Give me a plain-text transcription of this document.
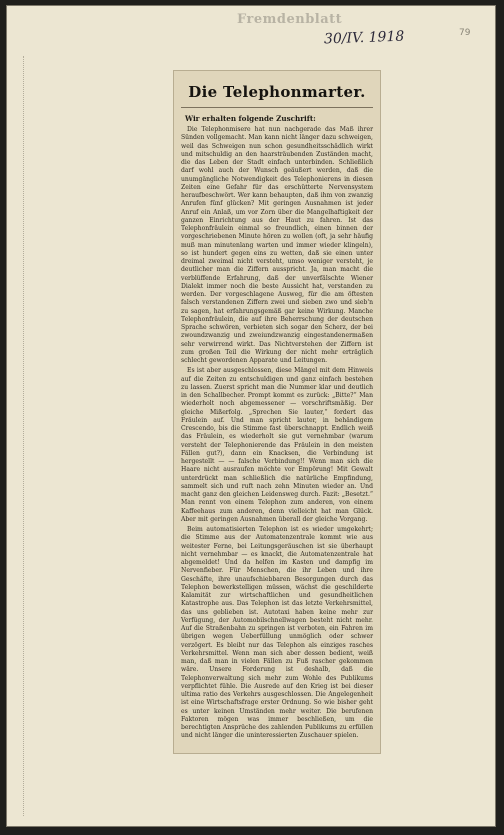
Fremdenblatt
30/IV. 1918	79
Die Telephonmarter.
Wir erhalten folgende Zuschrift:

Die Telephonmisere hat nun nachgerade das Maß ihrer Sünden vollgemacht. Man kann nicht länger dazu schweigen, weil das Schweigen nun schon gesundheitsschädlich wirkt und mitschuldig an den haarsträubenden Zuständen macht, die das Leben der Stadt einfach unterbinden. Schließlich darf wohl auch der Wunsch geäußert werden, daß die unumgängliche Notwendigkeit des Telephonierens in diesen Zeiten eine Gefahr für das erschütterte Nervensystem heraufbeschwört. Wer kann behaupten, daß ihm von zwanzig Anrufen fünf glücken? Mit geringen Ausnahmen ist jeder Anruf ein Anlaß, um vor Zorn über die Mangelhaftigkeit der ganzen Einrichtung aus der Haut zu fahren. Ist das Telephonfräulein einmal so freundlich, einen binnen der vorgeschriebenen Minute hören zu wollen (oft, ja sehr häufig muß man minutenlang warten und immer wieder klingeln), so ist hundert gegen eins zu wetten, daß sie einen unter dreimal zweimal nicht versteht, umso weniger versteht, je deutlicher man die Ziffern ausspricht. Ja, man macht die verblüffende Erfahrung, daß der unverfälschte Wiener Dialekt immer noch die beste Aussicht hat, verstanden zu werden. Der vorgeschlagene Ausweg, für die am öftesten falsch verstandenen Ziffern zwei und sieben zwo und sieb'n zu sagen, hat erfahrungsgemäß gar keine Wirkung. Manche Telephonfräulein, die auf ihre Beherrschung der deutschen Sprache schwören, verbieten sich sogar den Scherz, der bei zwoundzwanzig und zweiundzwanzig eingestandenermaßen sehr verwirrend wirkt. Das Nichtverstehen der Ziffern ist zum großen Teil die Wirkung der nicht mehr erträglich schlecht gewordenen Apparate und Leitungen.

Es ist aber ausgeschlossen, diese Mängel mit dem Hinweis auf die Zeiten zu entschuldigen und ganz einfach bestehen zu lassen. Zuerst spricht man die Nummer klar und deutlich in den Schallbecher. Prompt kommt es zurück: „Bitte?“ Man wiederholt noch abgemessener — vorschriftsmäßig. Der gleiche Mißerfolg. „Sprechen Sie lauter,“ fordert das Fräulein auf. Und man spricht lauter, in behändigem Crescendo, bis die Stimme fast überschnappt. Endlich weiß das Fräulein, es wiederholt sie gut vernehmbar (warum versteht der Telephonierende das Fräulein in den meisten Fällen gut?), dann ein Knacksen, die Verbindung ist hergestellt — — falsche Verbindung!! Wenn man sich die Haare nicht ausraufen möchte vor Empörung! Mit Gewalt unterdrückt man schließlich die natürliche Empfindung, sammelt sich und ruft nach zehn Minuten wieder an. Und macht ganz den gleichen Leidensweg durch. Fazit: „Besetzt.“ Man rennt von einem Telephon zum anderen, von einem Kaffeehaus zum anderen, denn vielleicht hat man Glück. Aber mit geringen Ausnahmen überall der gleiche Vorgang.

Beim automatisierten Telephon ist es wieder umgekehrt; die Stimme aus der Automatenzentrale kommt wie aus weitester Ferne, bei Leitungsgeräuschen ist sie überhaupt nicht vernehmbar — es knackt, die Automatenzentrale hat abgemeldet! Und da helfen im Kasten und dampfig im Nervenfieber. Für Menschen, die ihr Leben und ihre Geschäfte, ihre unaufschiebbaren Besorgungen durch das Telephon bewerkstelligen müssen, wächst die geschilderte Kalamität zur wirtschaftlichen und gesundheitlichen Katastrophe aus. Das Telephon ist das letzte Verkehrsmittel, das uns geblieben ist. Autotaxi haben keine mehr zur Verfügung, der Automobilschnellwagen besteht nicht mehr. Auf die Straßenbahn zu springen ist verboten, ein Fahren im übrigen wegen Ueberfüllung unmöglich oder schwer verzögert. Es bleibt nur das Telephon als einziges rasches Verkehrsmittel. Wenn man sich aber dessen bedient, weiß man, daß man in vielen Fällen zu Fuß rascher gekommen wäre. Unsere Forderung ist deshalb, daß die Telephonverwaltung sich mehr zum Wohle des Publikums verpflichtet fühle. Die Ausrede auf den Krieg ist bei dieser ultima ratio des Verkehrs ausgeschlossen. Die Angelegenheit ist eine Wirtschaftsfrage erster Ordnung. So wie bisher geht es unter keinen Umständen mehr weiter. Die berufenen Faktoren mögen was immer beschließen, um die berechtigten Ansprüche des zahlenden Publikums zu erfüllen und nicht länger die uninteressierten Zuschauer spielen.
